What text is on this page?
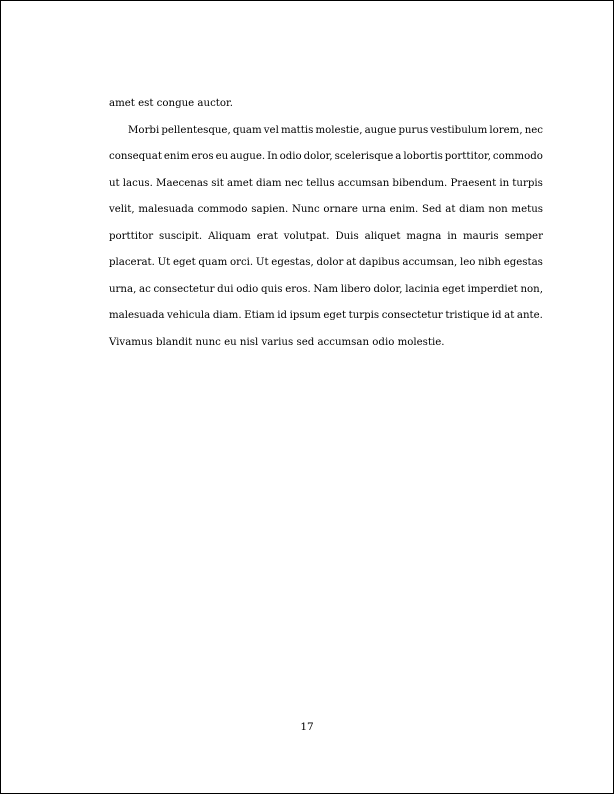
amet est congue auctor.
Morbi pellentesque, quam vel mattis molestie, augue purus vestibulum lorem, nec
consequat enim eros eu augue. In odio dolor, scelerisque a lobortis porttitor, commodo
ut lacus. Maecenas sit amet diam nec tellus accumsan bibendum. Praesent in turpis
velit, malesuada commodo sapien. Nunc ornare urna enim. Sed at diam non metus
porttitor suscipit. Aliquam erat volutpat. Duis aliquet magna in mauris semper
placerat. Ut eget quam orci. Ut egestas, dolor at dapibus accumsan, leo nibh egestas
urna, ac consectetur dui odio quis eros. Nam libero dolor, lacinia eget imperdiet non,
malesuada vehicula diam. Etiam id ipsum eget turpis consectetur tristique id at ante.
Vivamus blandit nunc eu nisl varius sed accumsan odio molestie.
17
